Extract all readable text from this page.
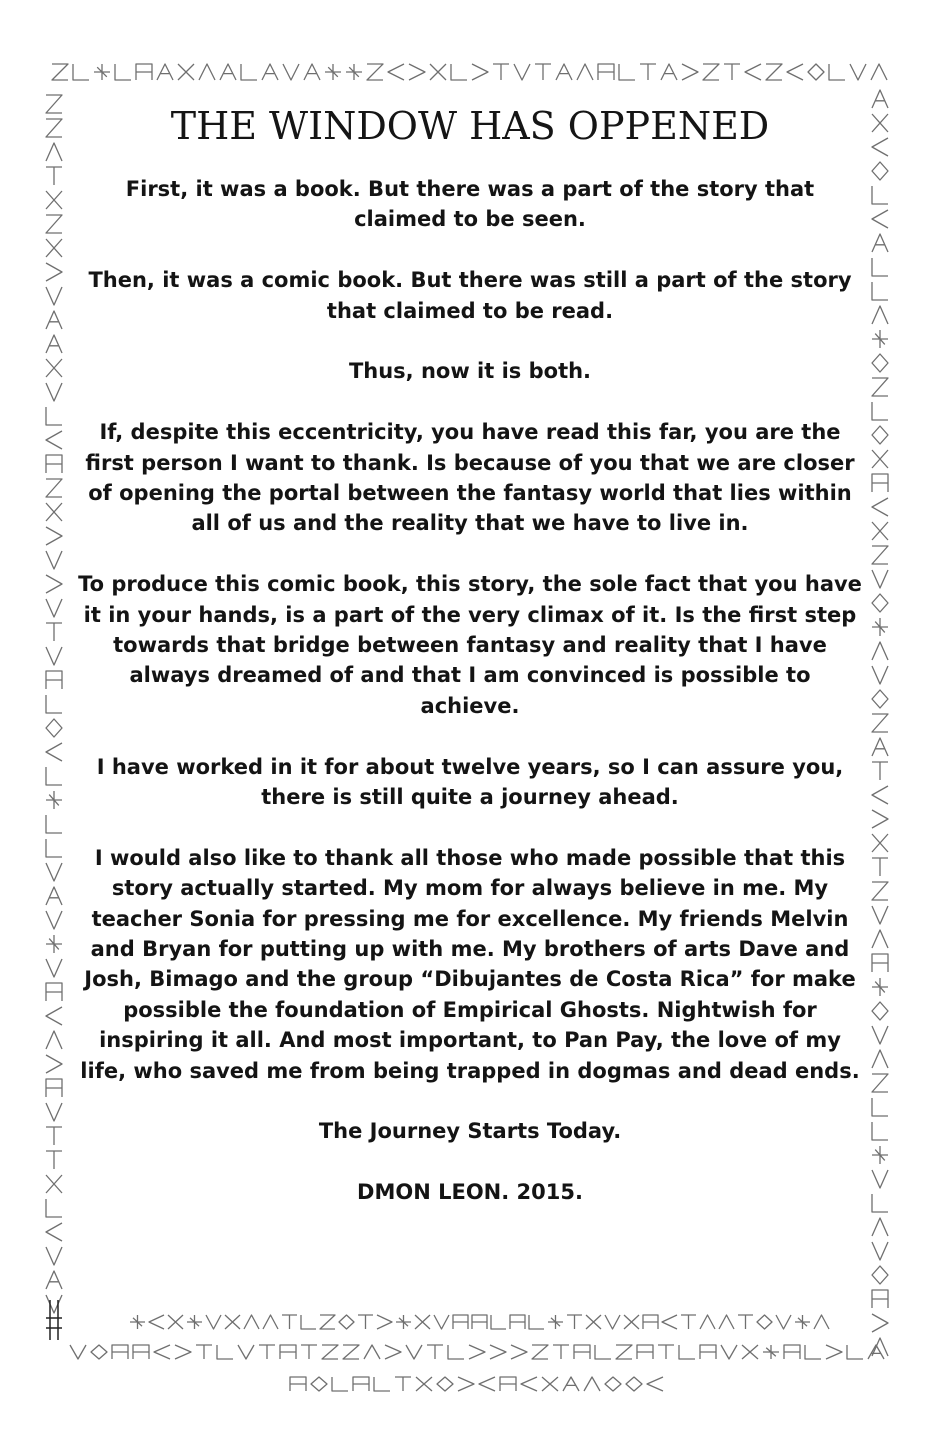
THE WINDOW HAS OPPENED

First, it was a book. But there was a part of the story that claimed to be seen.

Then, it was a comic book. But there was still a part of the story that claimed to be read.

Thus, now it is both.

If, despite this eccentricity, you have read this far, you are the first person I want to thank. Is because of you that we are closer of opening the portal between the fantasy world that lies within all of us and the reality that we have to live in.

To produce this comic book, this story, the sole fact that you have it in your hands, is a part of the very climax of it. Is the first step towards that bridge between fantasy and reality that I have always dreamed of and that I am convinced is possible to achieve.

I have worked in it for about twelve years, so I can assure you, there is still quite a journey ahead.

I would also like to thank all those who made possible that this story actually started. My mom for always believe in me. My teacher Sonia for pressing me for excellence. My friends Melvin and Bryan for putting up with me. My brothers of arts Dave and Josh, Bimago and the group “Dibujantes de Costa Rica” for make possible the foundation of Empirical Ghosts. Nightwish for inspiring it all. And most important, to Pan Pay, the love of my life, who saved me from being trapped in dogmas and dead ends.

The Journey Starts Today.

DMON LEON. 2015.
